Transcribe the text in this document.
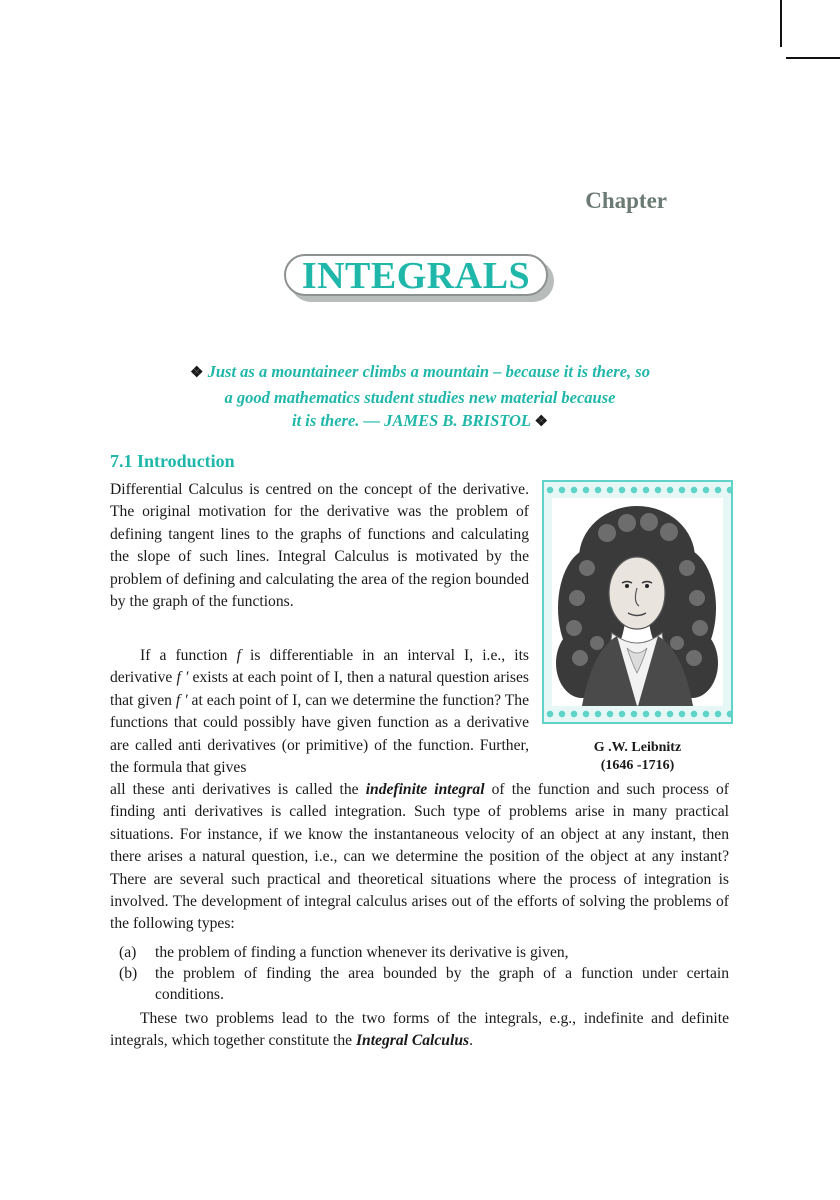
Chapter
INTEGRALS
❖ Just as a mountaineer climbs a mountain – because it is there, so
a good mathematics student studies new material because
it is there. — JAMES B. BRISTOL ❖
7.1 Introduction

Differential Calculus is centred on the concept of the derivative. The original motivation for the derivative was the problem of defining tangent lines to the graphs of functions and calculating the slope of such lines. Integral Calculus is motivated by the problem of defining and calculating the area of the region bounded by the graph of the functions.

If a function f is differentiable in an interval I, i.e., its derivative f ′ exists at each point of I, then a natural question arises that given f ′ at each point of I, can we determine the function? The functions that could possibly have given function as a derivative are called anti derivatives (or primitive) of the function. Further, the formula that gives

all these anti derivatives is called the indefinite integral of the function and such process of finding anti derivatives is called integration. Such type of problems arise in many practical situations. For instance, if we know the instantaneous velocity of an object at any instant, then there arises a natural question, i.e., can we determine the position of the object at any instant? There are several such practical and theoretical situations where the process of integration is involved. The development of integral calculus arises out of the efforts of solving the problems of the following types:

(a) the problem of finding a function whenever its derivative is given,
(b) the problem of finding the area bounded by the graph of a function under certain conditions.

These two problems lead to the two forms of the integrals, e.g., indefinite and definite integrals, which together constitute the Integral Calculus.

G .W. Leibnitz
(1646 -1716)
